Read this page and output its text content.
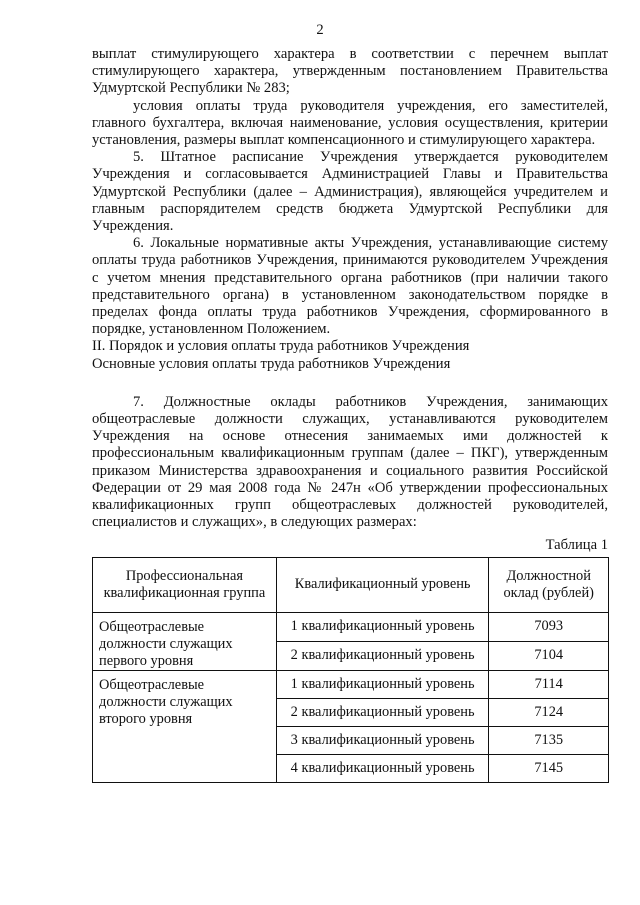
2

выплат стимулирующего характера в соответствии с перечнем выплат стимулирующего характера, утвержденным постановлением Правительства Удмуртской Республики № 283;

условия оплаты труда руководителя учреждения, его заместителей, главного бухгалтера, включая наименование, условия осуществления, критерии установления, размеры выплат компенсационного и стимулирующего характера.

5. Штатное расписание Учреждения утверждается руководителем Учреждения и согласовывается Администрацией Главы и Правительства Удмуртской Республики (далее – Администрация), являющейся учредителем и главным распорядителем средств бюджета Удмуртской Республики для Учреждения.

6. Локальные нормативные акты Учреждения, устанавливающие систему оплаты труда работников Учреждения, принимаются руководителем Учреждения с учетом мнения представительного органа работников (при наличии такого представительного органа) в установленном законодательством порядке в пределах фонда оплаты труда работников Учреждения, сформированного в порядке, установленном Положением.

II. Порядок и условия оплаты труда работников Учреждения

Основные условия оплаты труда работников Учреждения

7. Должностные оклады работников Учреждения, занимающих общеотраслевые должности служащих, устанавливаются руководителем Учреждения на основе отнесения занимаемых ими должностей к профессиональным квалификационным группам (далее – ПКГ), утвержденным приказом Министерства здравоохранения и социального развития Российской Федерации от 29 мая 2008 года № 247н «Об утверждении профессиональных квалификационных групп общеотраслевых должностей руководителей, специалистов и служащих», в следующих размерах:

Таблица 1
Профессиональная квалификационная группа	Квалификационный уровень	Должностной оклад (рублей)
Общеотраслевые должности служащих первого уровня	1 квалификационный уровень	7093
	2 квалификационный уровень	7104
Общеотраслевые должности служащих второго уровня	1 квалификационный уровень	7114
	2 квалификационный уровень	7124
	3 квалификационный уровень	7135
	4 квалификационный уровень	7145
